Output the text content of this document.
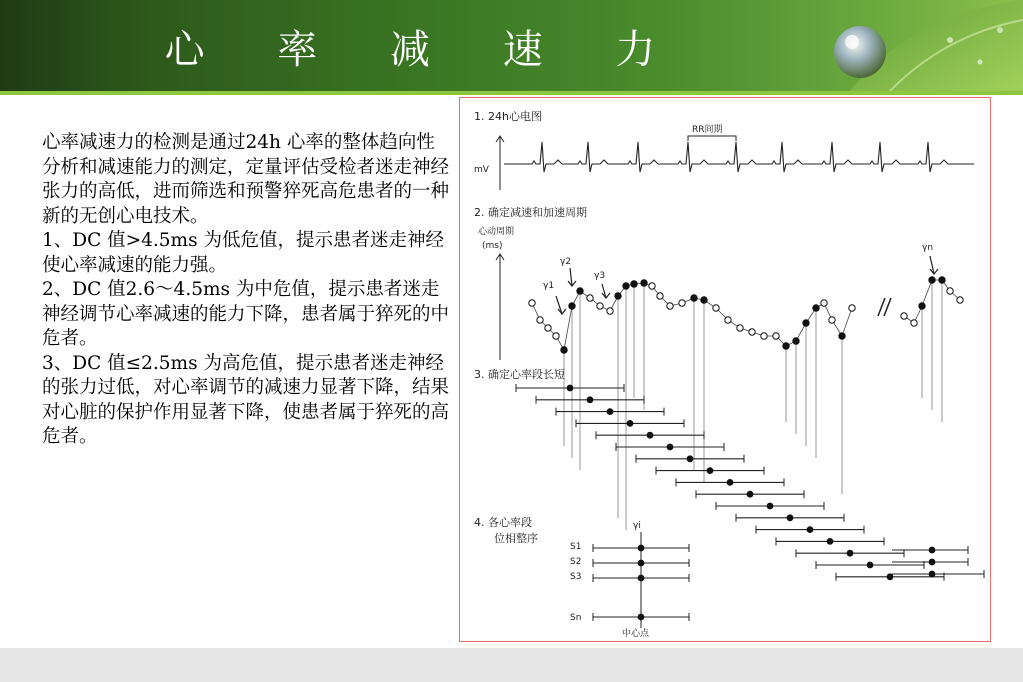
心 率 减 速 力

心率减速力的检测是通过24h 心率的整体趋向性分析和减速能力的测定，定量评估受检者迷走神经张力的高低，进而筛选和预警猝死高危患者的一种新的无创心电技术。

1、DC 值>4.5ms 为低危值，提示患者迷走神经使心率减速的能力强。

2、DC 值2.6～4.5ms 为中危值，提示患者迷走神经调节心率减速的能力下降，患者属于猝死的中危者。

3、DC 值≤2.5ms 为高危值，提示患者迷走神经的张力过低，对心率调节的减速力显著下降，结果对心脏的保护作用显著下降，使患者属于猝死的高危者。

1. 24h心电图
RR间期
mV
2. 确定减速和加速周期
心动周期
(ms)
γ1
γ2
γ3
γn
3. 确定心率段长短
4. 各心率段
位相整序
γi
S1
S2
S3
Sn
中心点
